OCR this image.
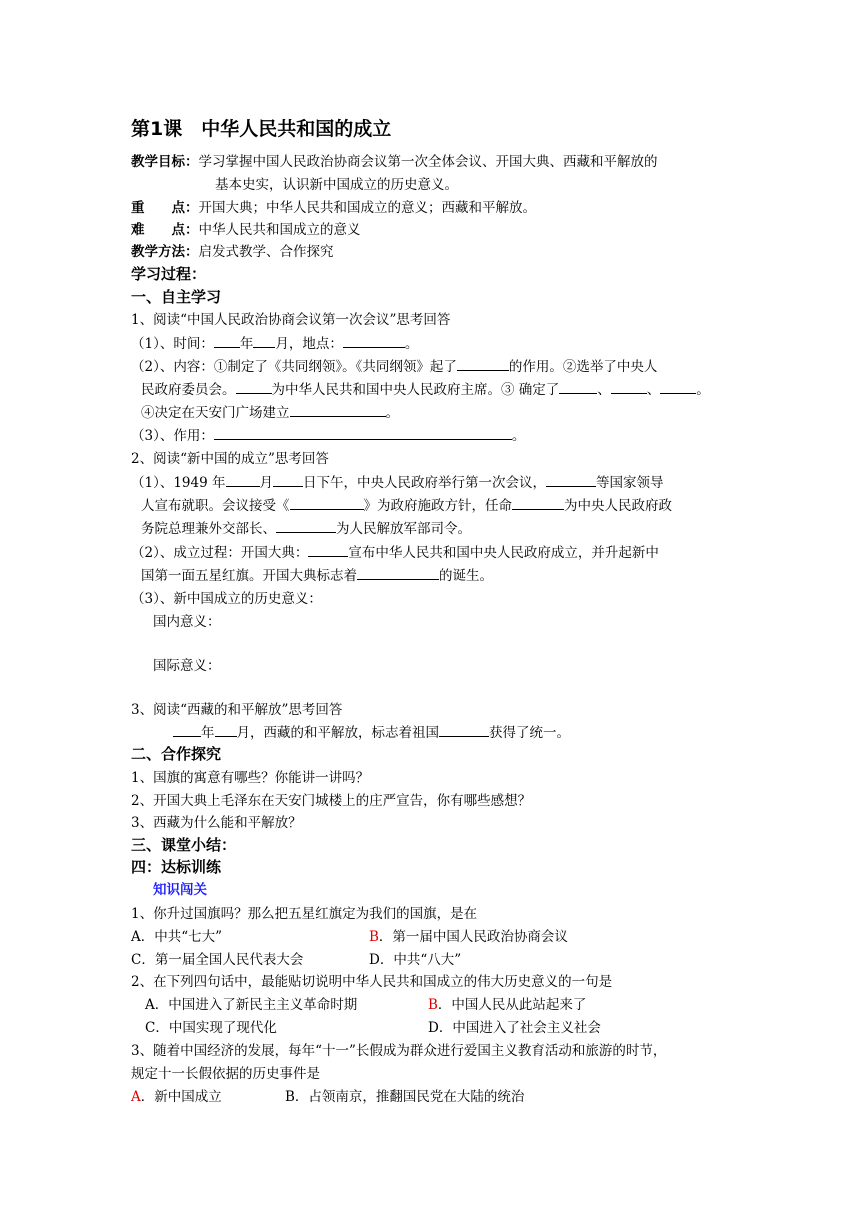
第1课　 中华人民共和国的成立
教学目标：学习掌握中国人民政治协商会议第一次全体会议、开国大典、西藏和平解放的
基本史实，认识新中国成立的历史意义。
重　　点：开国大典；中华人民共和国成立的意义；西藏和平解放。
难　　点：中华人民共和国成立的意义
教学方法：启发式教学、合作探究
学习过程：
一、自主学习
1、阅读“中国人民政治协商会议第一次会议”思考回答
（1）、时间： 年 月，地点：	。
（2）、内容：①制定了《共同纲领》。《共同纲领》起了	的作用。②选举了中央人
民政府委员会。	为中华人民共和国中央人民政府主席。③ 确定了	、	、	。
④决定在天安门广场建立	。
（3）、作用：	。
2、阅读“新中国的成立”思考回答
（1）、1949 年	月 日下午，中央人民政府举行第一次会议，	等国家领导
人宣布就职。会议接受《	》为政府施政方针，任命	为中央人民政府政
务院总理兼外交部长、	为人民解放军部司令。
（2）、成立过程：开国大典：	宣布中华人民共和国中央人民政府成立，并升起新中
国第一面五星红旗。开国大典标志着	的诞生。
（3）、新中国成立的历史意义：
国内意义：
国际意义：
3、阅读“西藏的和平解放”思考回答
年 月，西藏的和平解放，标志着祖国	获得了统一。
二、合作探究
1、国旗的寓意有哪些？你能讲一讲吗？
2、开国大典上毛泽东在天安门城楼上的庄严宣告，你有哪些感想？
3、西藏为什么能和平解放？
三、课堂小结：
四：达标训练
知识闯关
1、你升过国旗吗？那么把五星红旗定为我们的国旗，是在
A．中共“七大”	B．第一届中国人民政治协商会议
C．第一届全国人民代表大会	D．中共“八大”
2、在下列四句话中，最能贴切说明中华人民共和国成立的伟大历史意义的一句是
A．中国进入了新民主主义革命时期	B．中国人民从此站起来了
C．中国实现了现代化	D．中国进入了社会主义社会
3、随着中国经济的发展，每年“十一”长假成为群众进行爱国主义教育活动和旅游的时节，
规定十一长假依据的历史事件是
A．新中国成立	B．占领南京，推翻国民党在大陆的统治
